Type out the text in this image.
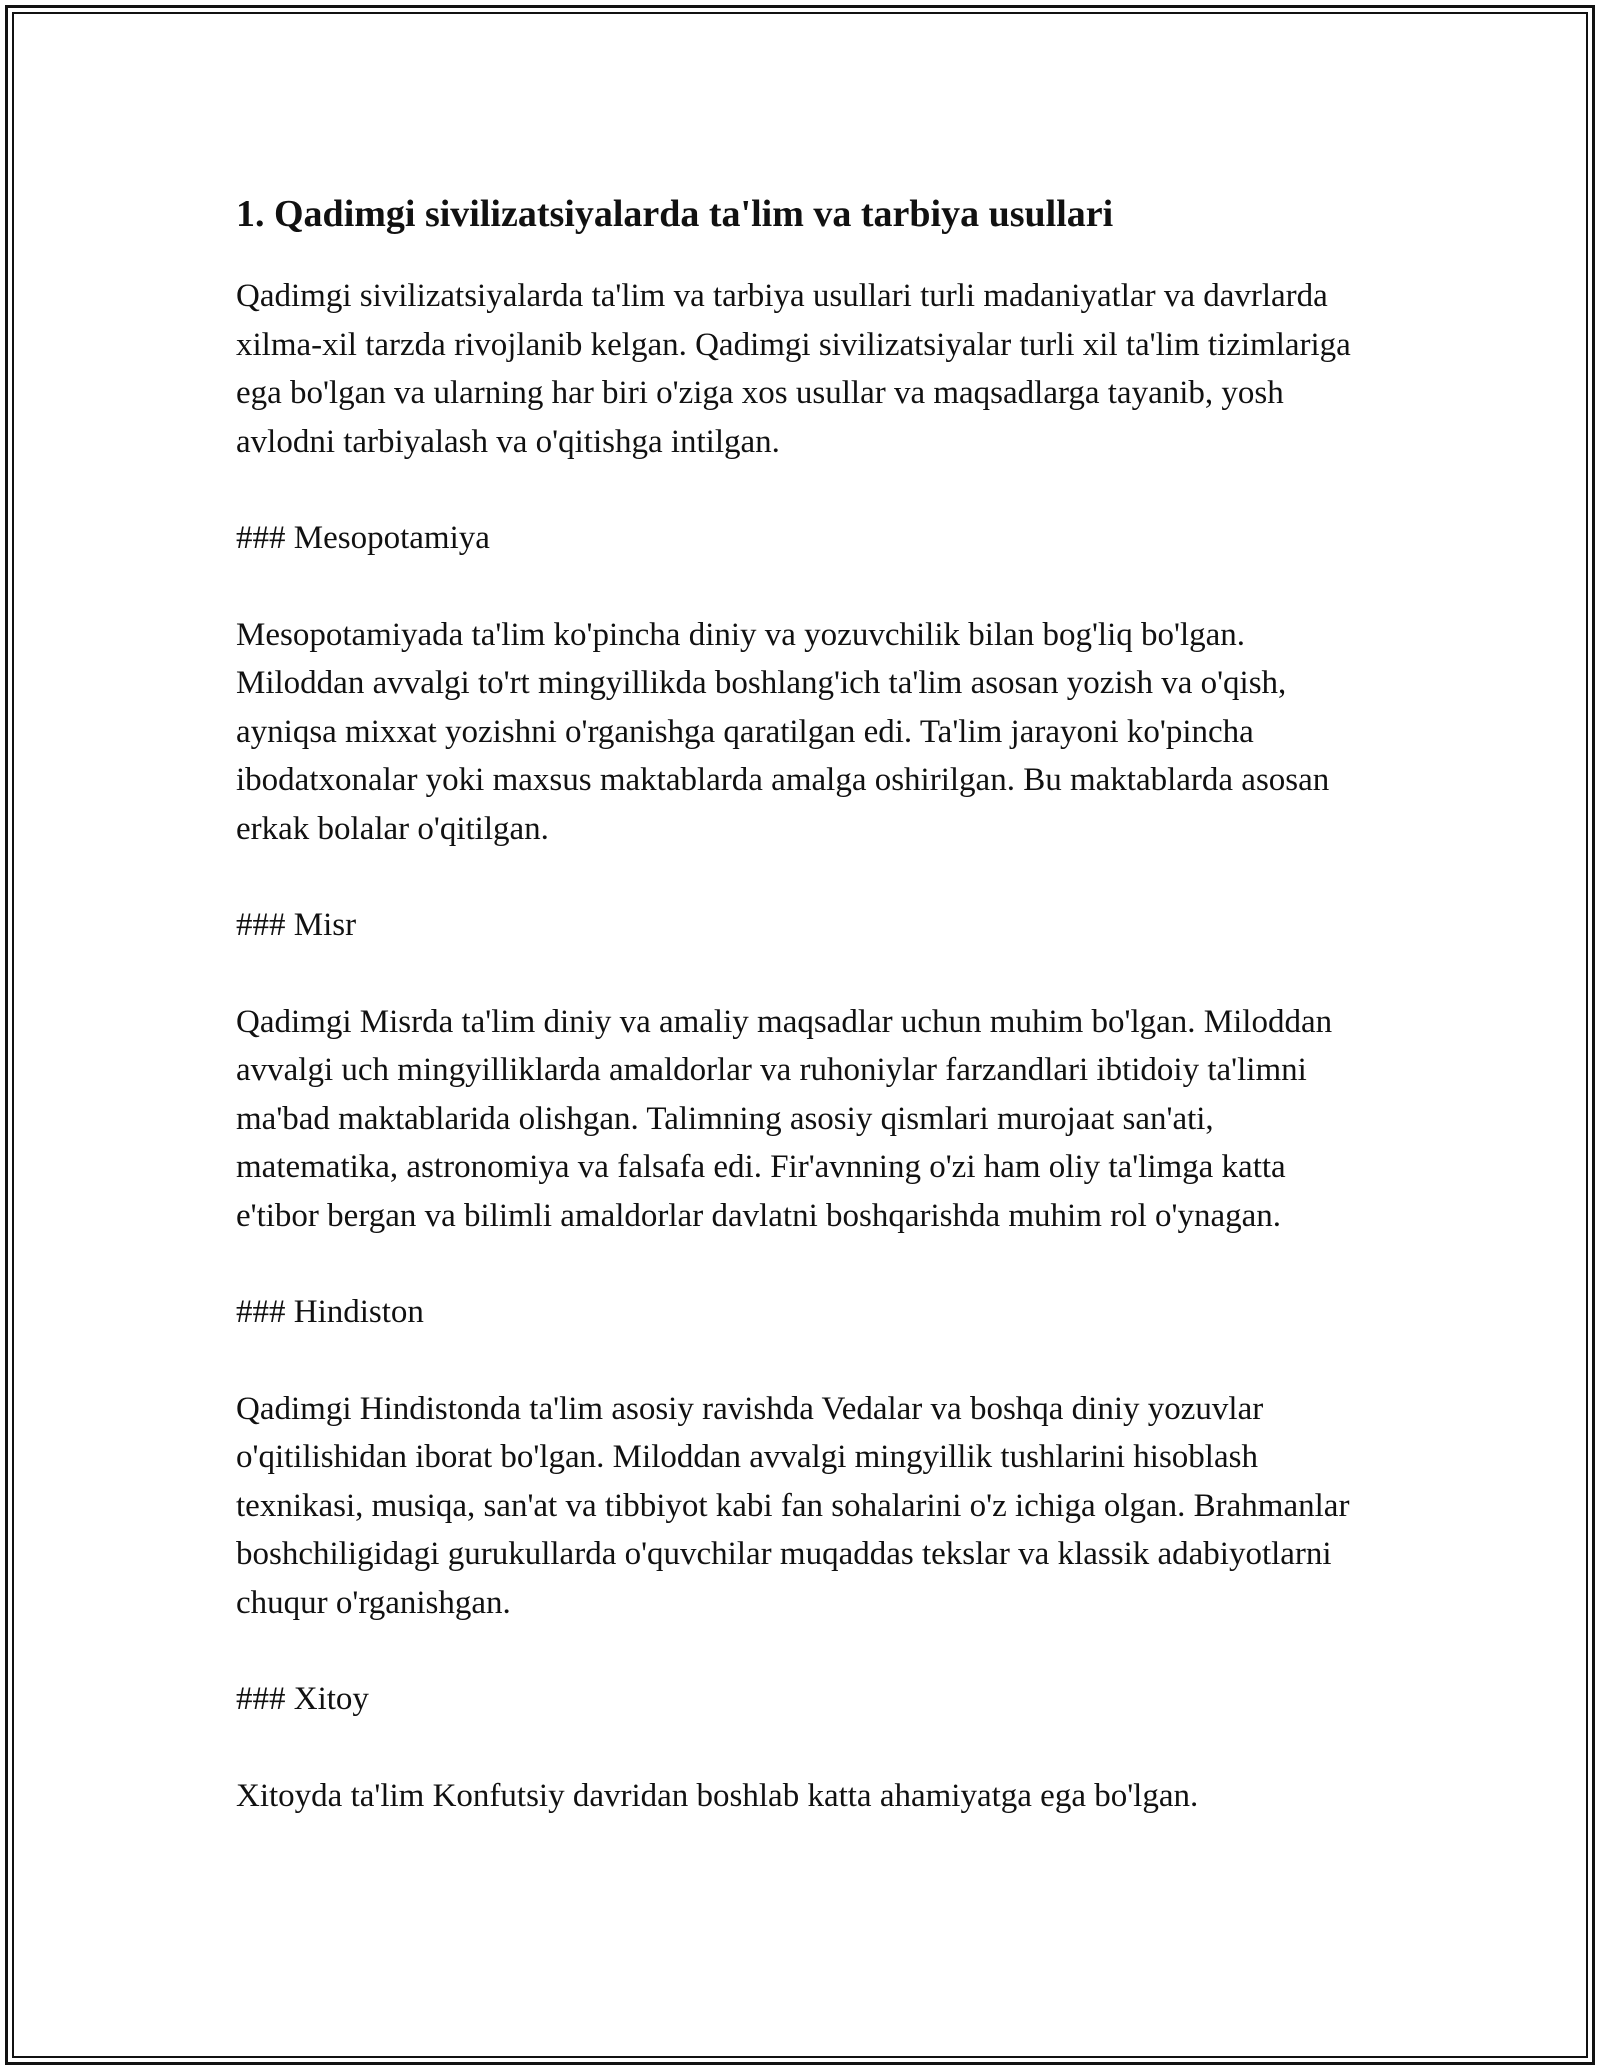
1. Qadimgi sivilizatsiyalarda ta'lim va tarbiya usullari

Qadimgi sivilizatsiyalarda ta'lim va tarbiya usullari turli madaniyatlar va davrlarda xilma-xil tarzda rivojlanib kelgan. Qadimgi sivilizatsiyalar turli xil ta'lim tizimlariga ega bo'lgan va ularning har biri o'ziga xos usullar va maqsadlarga tayanib, yosh avlodni tarbiyalash va o'qitishga intilgan.

### Mesopotamiya

Mesopotamiyada ta'lim ko'pincha diniy va yozuvchilik bilan bog'liq bo'lgan. Miloddan avvalgi to'rt mingyillikda boshlang'ich ta'lim asosan yozish va o'qish, ayniqsa mixxat yozishni o'rganishga qaratilgan edi. Ta'lim jarayoni ko'pincha ibodatxonalar yoki maxsus maktablarda amalga oshirilgan. Bu maktablarda asosan erkak bolalar o'qitilgan.

### Misr

Qadimgi Misrda ta'lim diniy va amaliy maqsadlar uchun muhim bo'lgan. Miloddan avvalgi uch mingyilliklarda amaldorlar va ruhoniylar farzandlari ibtidoiy ta'limni ma'bad maktablarida olishgan. Talimning asosiy qismlari murojaat san'ati, matematika, astronomiya va falsafa edi. Fir'avnning o'zi ham oliy ta'limga katta e'tibor bergan va bilimli amaldorlar davlatni boshqarishda muhim rol o'ynagan.

### Hindiston

Qadimgi Hindistonda ta'lim asosiy ravishda Vedalar va boshqa diniy yozuvlar o'qitilishidan iborat bo'lgan. Miloddan avvalgi mingyillik tushlarini hisoblash texnikasi, musiqa, san'at va tibbiyot kabi fan sohalarini o'z ichiga olgan. Brahmanlar boshchiligidagi gurukullarda o'quvchilar muqaddas tekslar va klassik adabiyotlarni chuqur o'rganishgan.

### Xitoy

Xitoyda ta'lim Konfutsiy davridan boshlab katta ahamiyatga ega bo'lgan.
